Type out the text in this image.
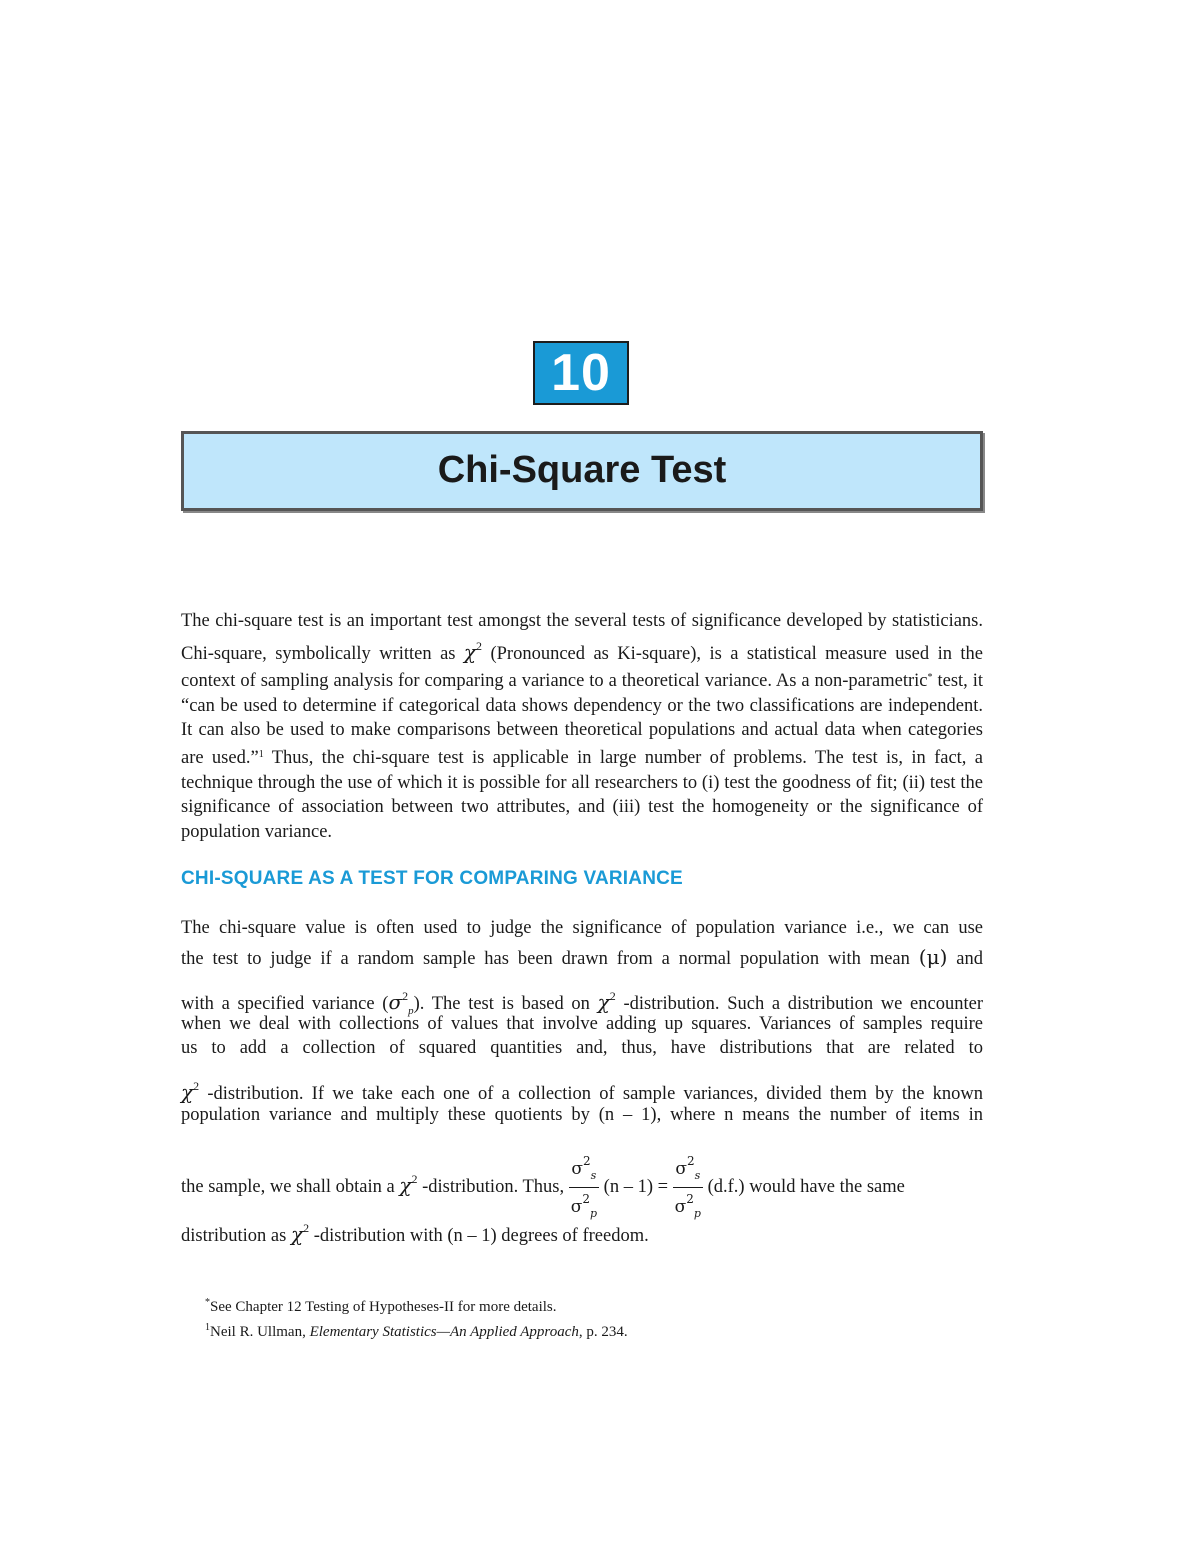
10
Chi-Square Test

The chi-square test is an important test amongst the several tests of significance developed by statisticians. Chi-square, symbolically written as $\chi^2$ (Pronounced as Ki-square), is a statistical measure used in the context of sampling analysis for comparing a variance to a theoretical variance. As a non-parametric* test, it “can be used to determine if categorical data shows dependency or the two classifications are independent. It can also be used to make comparisons between theoretical populations and actual data when categories are used.”$^1$ Thus, the chi-square test is applicable in large number of problems. The test is, in fact, a technique through the use of which it is possible for all researchers to (i) test the goodness of fit; (ii) test the significance of association between two attributes, and (iii) test the homogeneity or the significance of population variance.

CHI-SQUARE AS A TEST FOR COMPARING VARIANCE
The chi-square value is often used to judge the significance of population variance i.e., we can use
the test to judge if a random sample has been drawn from a normal population with mean (μ) and
with a specified variance $(\sigma^2_p)$. The test is based on $\chi^2$ -distribution. Such a distribution we encounter
when we deal with collections of values that involve adding up squares. Variances of samples require
us to add a collection of squared quantities and, thus, have distributions that are related to
$\chi^2$ -distribution. If we take each one of a collection of sample variances, divided them by the known
population variance and multiply these quotients by (n – 1), where n means the number of items in
the sample, we shall obtain a $\chi^2$ -distribution. Thus, $\frac{\sigma^2_s}{\sigma^2_p} (n - 1) = \frac{\sigma^2_s}{\sigma^2_p} (d.f.)$ would have the same
distribution as $\chi^2$ -distribution with (n – 1) degrees of freedom.
*See Chapter 12 Testing of Hypotheses-II for more details.
$^1$Neil R. Ullman, Elementary Statistics—An Applied Approach, p. 234.
